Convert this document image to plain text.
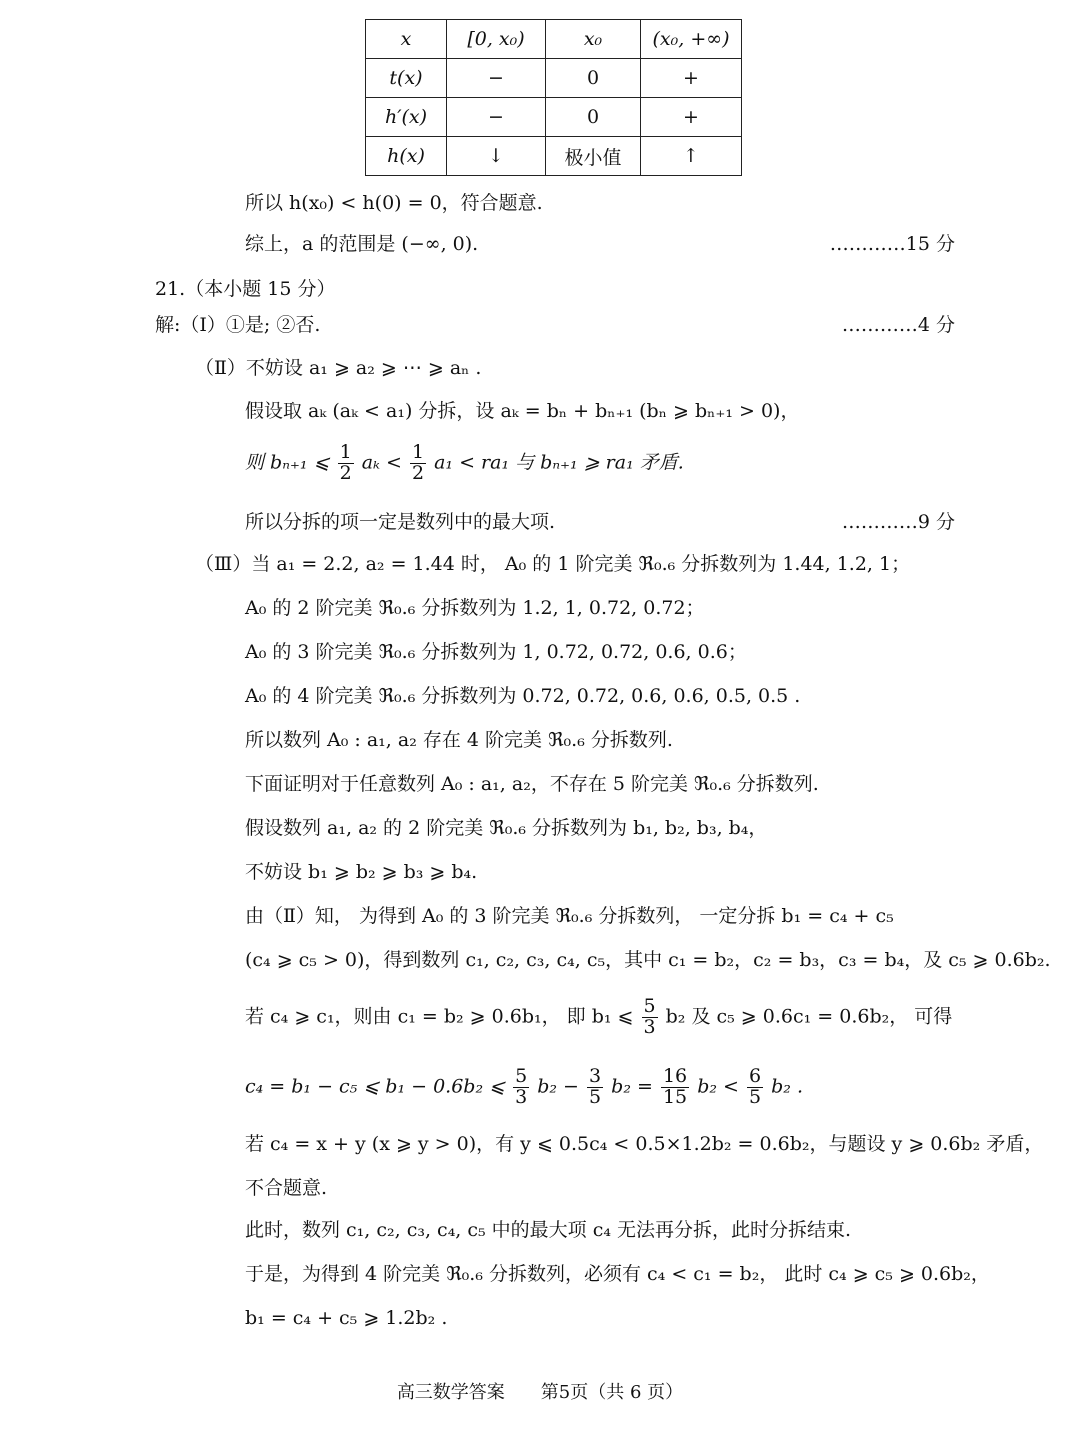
x	[0, x₀)	x₀	(x₀, +∞)
t(x)	−	0	+
h′(x)	−	0	+
h(x)	↓	极小值	↑
所以 h(x₀) < h(0) = 0，符合题意.
综上，a 的范围是 (−∞, 0).	…………15 分
21.（本小题 15 分）
解:（Ⅰ）①是; ②否.	…………4 分
（Ⅱ）不妨设 a₁ ⩾ a₂ ⩾ ⋯ ⩾ aₙ .
假设取 aₖ (aₖ < a₁) 分拆，设 aₖ = bₙ + bₙ₊₁ (bₙ ⩾ bₙ₊₁ > 0)，
则 bₙ₊₁ ⩽ $\frac{1}{2}$ $a_k < \frac{1}{2} a_1 < ra_1$ 与 bₙ₊₁ ⩾ ra₁ 矛盾.
所以分拆的项一定是数列中的最大项.	…………9 分
（Ⅲ）当 a₁ = 2.2, a₂ = 1.44 时， A₀ 的 1 阶完美 ℜ₀.₆ 分拆数列为 1.44, 1.2, 1；
A₀ 的 2 阶完美 ℜ₀.₆ 分拆数列为 1.2, 1, 0.72, 0.72；
A₀ 的 3 阶完美 ℜ₀.₆ 分拆数列为 1, 0.72, 0.72, 0.6, 0.6；
A₀ 的 4 阶完美 ℜ₀.₆ 分拆数列为 0.72, 0.72, 0.6, 0.6, 0.5, 0.5 .
所以数列 A₀ : a₁, a₂ 存在 4 阶完美 ℜ₀.₆ 分拆数列.
下面证明对于任意数列 A₀ : a₁, a₂，不存在 5 阶完美 ℜ₀.₆ 分拆数列.
假设数列 a₁, a₂ 的 2 阶完美 ℜ₀.₆ 分拆数列为 b₁, b₂, b₃, b₄，
不妨设 b₁ ⩾ b₂ ⩾ b₃ ⩾ b₄.
由（Ⅱ）知， 为得到 A₀ 的 3 阶完美 ℜ₀.₆ 分拆数列， 一定分拆 b₁ = c₄ + c₅
(c₄ ⩾ c₅ > 0)，得到数列 c₁, c₂, c₃, c₄, c₅，其中 c₁ = b₂，c₂ = b₃，c₃ = b₄，及 c₅ ⩾ 0.6b₂.
若 c₄ ⩾ c₁，则由 c₁ = b₂ ⩾ 0.6b₁， 即 b₁ ⩽ $\frac{5}{3} b_2$ 及 c₅ ⩾ 0.6c₁ = 0.6b₂， 可得
c₄ = b₁ − c₅ ⩽ b₁ − 0.6b₂ ⩽ $\frac{5}{3} b_2 - \frac{3}{5} b_2 = \frac{16}{15} b_2 < \frac{6}{5} b_2$ .
若 c₄ = x + y (x ⩾ y > 0)，有 y ⩽ 0.5c₄ < 0.5×1.2b₂ = 0.6b₂，与题设 y ⩾ 0.6b₂ 矛盾，
不合题意.
此时，数列 c₁, c₂, c₃, c₄, c₅ 中的最大项 c₄ 无法再分拆，此时分拆结束.
于是，为得到 4 阶完美 ℜ₀.₆ 分拆数列，必须有 c₄ < c₁ = b₂， 此时 c₄ ⩾ c₅ ⩾ 0.6b₂，
b₁ = c₄ + c₅ ⩾ 1.2b₂ .
高三数学答案　　第5页（共 6 页）
